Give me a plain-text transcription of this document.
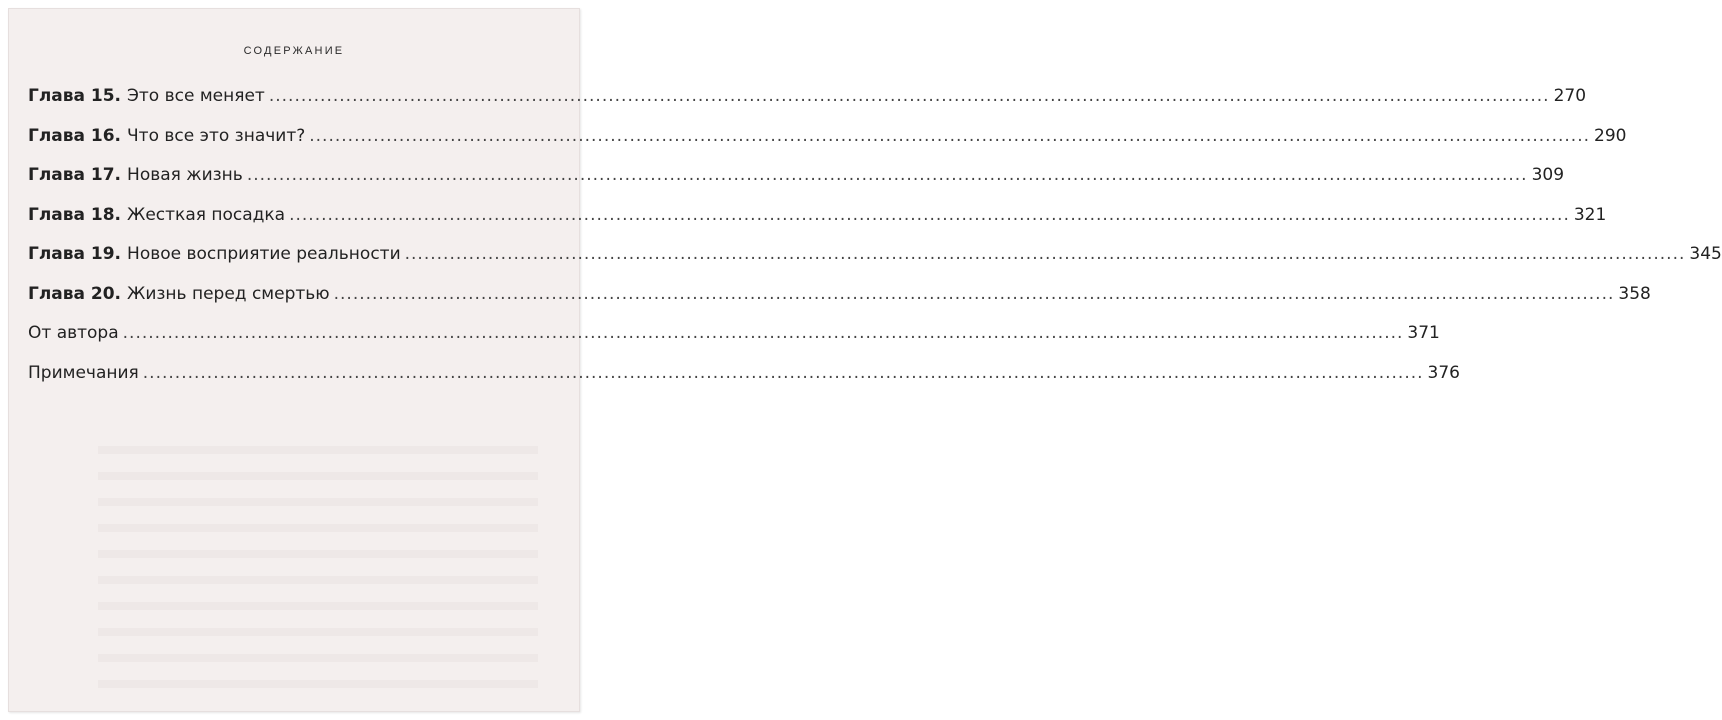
СОДЕРЖАНИЕ
Глава 15. Это все меняет ........................................................................................................................................................................................................ 270
Глава 16. Что все это значит? ........................................................................................................................................................................................................ 290
Глава 17. Новая жизнь ........................................................................................................................................................................................................ 309
Глава 18. Жесткая посадка ........................................................................................................................................................................................................ 321
Глава 19. Новое восприятие реальности ........................................................................................................................................................................................................ 345
Глава 20. Жизнь перед смертью ........................................................................................................................................................................................................ 358
От автора ........................................................................................................................................................................................................ 371
Примечания ........................................................................................................................................................................................................ 376
